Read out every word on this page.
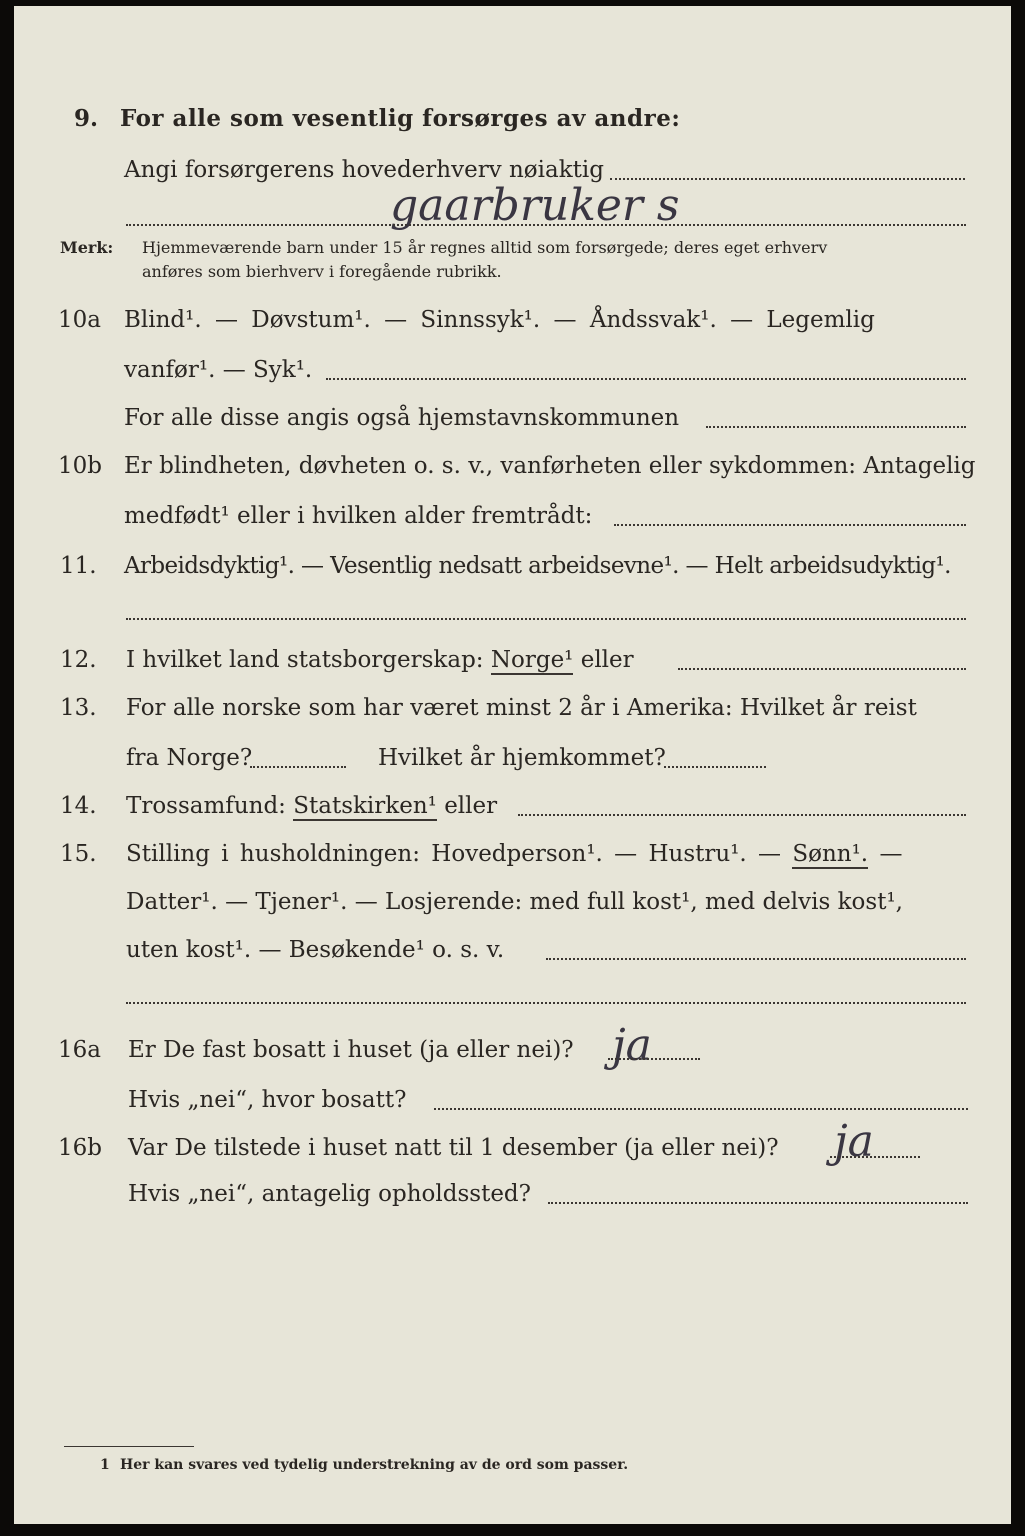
9. For alle som vesentlig forsørges av andre:
Angi forsørgerens hovederhverv nøiaktig
gaarbruker s
Merk: Hjemmeværende barn under 15 år regnes alltid som forsørgede; deres eget erhverv
anføres som bierhverv i foregående rubrikk.
10a Blind¹. — Døvstum¹. — Sinnssyk¹. — Åndssvak¹. — Legemlig
vanfør¹. — Syk¹.
For alle disse angis også hjemstavnskommunen
10b Er blindheten, døvheten o. s. v., vanførheten eller sykdommen: Antagelig
medfødt¹ eller i hvilken alder fremtrådt:
11. Arbeidsdyktig¹. — Vesentlig nedsatt arbeidsevne¹. — Helt arbeidsudyktig¹.
12. I hvilket land statsborgerskap: Norge¹ eller
13. For alle norske som har været minst 2 år i Amerika: Hvilket år reist
fra Norge?	Hvilket år hjemkommet?
14. Trossamfund: Statskirken¹ eller
15. Stilling i husholdningen: Hovedperson¹. — Hustru¹. — Sønn¹. —
Datter¹. — Tjener¹. — Losjerende: med full kost¹, med delvis kost¹,
uten kost¹. — Besøkende¹ o. s. v.
16a Er De fast bosatt i huset (ja eller nei)? ja
Hvis „nei“, hvor bosatt?
16b Var De tilstede i huset natt til 1 desember (ja eller nei)? ja
Hvis „nei“, antagelig opholdssted?
1 Her kan svares ved tydelig understrekning av de ord som passer.
